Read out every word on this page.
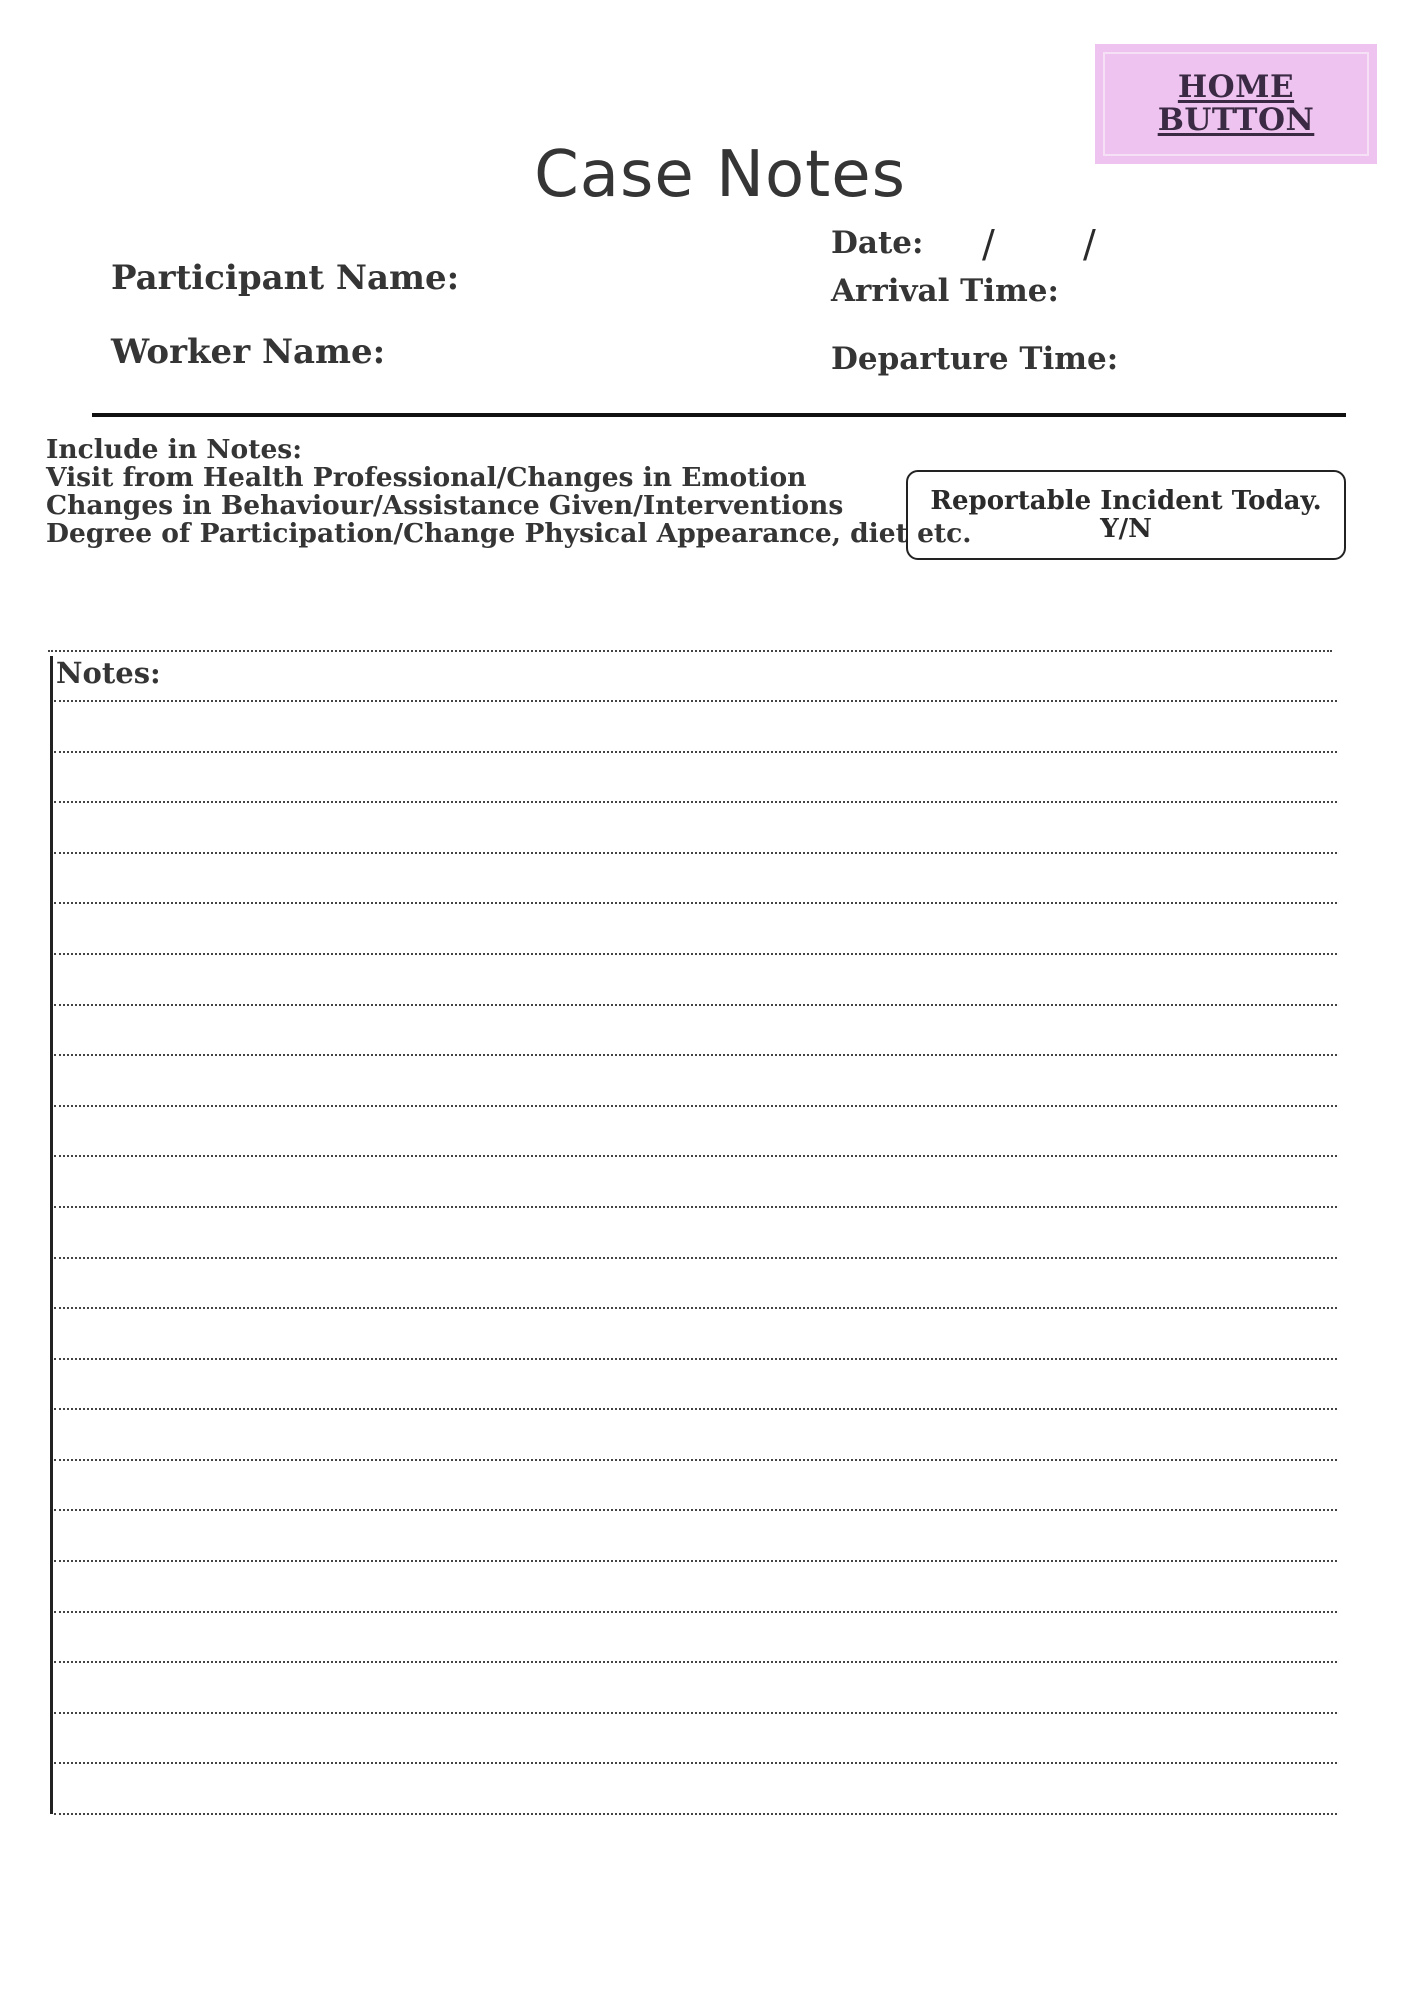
HOME
BUTTON
Case Notes
Participant Name:
Worker Name:
Date: / /
Arrival Time:
Departure Time:
Include in Notes:
Visit from Health Professional/Changes in Emotion
Changes in Behaviour/Assistance Given/Interventions
Degree of Participation/Change Physical Appearance, diet etc.
Reportable Incident Today.
Y/N
Notes:
